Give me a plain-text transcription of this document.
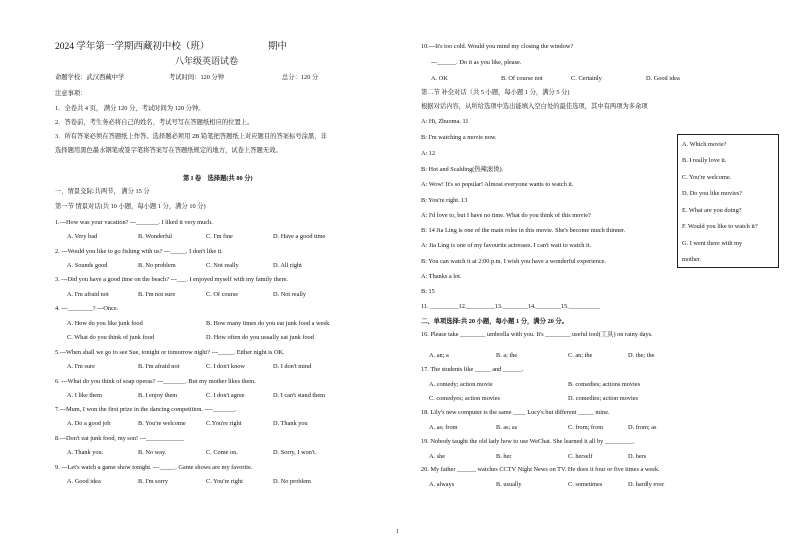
2024 学年第一学期西藏初中校（班）	期中
八年级英语试卷
命题学校：武汉西藏中学	考试时间：120 分钟	总分：120 分
注意事项：
1．全卷共 4 页， 满分 120 分，考试时间为 120 分钟。
2．答卷前，考生务必将自己的姓名、考试号写在答题纸相应的位置上。
3．所有答案必须在答题纸上作答。选择题必须用 2B 铅笔把答题纸上对应题目的答案标号涂黑，非
选择题用黑色墨水钢笔或签字笔将答案写在答题纸规定的地方，试卷上答题无效。
第 I 卷　选择题(共 80 分)
一、情景交际:共两节， 满分 15 分
第一节 情景对话(共 10 小题，每小题 1 分，满分 10 分)
1.---How was your vacation? ---_______. I liked it very much.
A. Very bad	B. Wonderful	C. I'm fine	D. Have a good time
2. ---Would you like to go fishing with us? ---_____. I don't like it.
A. Sounds good	B. No problem	C. Not really	D. All right
3. ---Did you have a good time on the beach? ---___. I enjoyed myself with my family there.
A. I'm afraid not	B. I'm not sure	C. Of course	D. Not really
4. ---________? ---Once.
A. How do you like junk food	B. How many times do you eat junk food a week
C. What do you think of junk food	D. How often do you usually eat junk food
5.---When shall we go to see Sue, tonight or tomorrow night? ---_____. Either night is OK.
A. I'm sure	B. I'm afraid not	C. I don't know	D. I don't mind
6. ---What do you think of soap operas? ---_______. But my mother likes them.
A. I like them	B. I enjoy them	C. I don't agree	D. I can't stand them
7.---Mum, I won the first prize in the dancing competition. ----_______.
A. Do a good job	B. You're welcome	C.You're right	D. Thank you
8.---Don't eat junk food, my son! ---____________
A. Thank you.	B. No way.	C. Come on.	D. Sorry, I won't.
9. ---Let's watch a game show tonight. ---_____. Game shows are my favorite.
A. Good idea	B. I'm sorry	C. You're right	D. No problem
10.---It's too cold. Would you mind my closing the window?
---______. Do it as you like, please.
A. OK	B. Of course not	C. Certainly	D. Good idea
第二节 补全对话（共 5 小题，每小题 1 分，满分 5 分)
根据对话内容，从所给选项中选出能填入空白处的最佳选项，其中有两项为多余项
A: Hi, Zhuoma. 11
B: I'm watching a movie now.
A: 12
B: Hot and Scalding(热辣滚烫).
A: Wow! It's so popular! Almost everyone wants to watch it.
B: You're right. 13
A: I'd love to, but I have no time. What do you think of this movie?
B: 14 Jia Ling is one of the main roles in this movie. She's become much thinner.
A: Jia Ling is one of my favourite actresses. I can't wait to watch it.
B: You can watch it at 2:00 p.m. I wish you have a wonderful experience.
A: Thanks a lot.
B: 15
11. _________12._________13.________14.________15.__________
二、单项选择:共 20 小题，每小题 1 分，满分 20 分。
16. Please take ________ umbrella with you. It's ________ useful tool(工具) on rainy days.
A. an; a	B. a; the	C. an; the	D. the; the
17. The students like _____ and ______.
A. comedy; action movie	B. comedies; actions movies
C. comedyes; action movies	D. comedies; action movies
18. Lily's new computer is the same ____ Lucy's but different _____ mine.
A. as; from	B. as; as	C. from; from	D. from; as
19. Nobody taught the old lady how to use WeChat. She learned it all by _________.
A. she	B. her	C. herself	D. hers
20. My father ______ watches CCTV Night News on TV. He does it four or five times a week.
A. always	B. usually	C. sometimes	D. hardly ever
A. Which movie?
B. I really love it.
C. You're welcome.
D. Do you like movies?
E. What are you doing?
F. Would you like to watch it?
G. I went there with my
mother.
1
